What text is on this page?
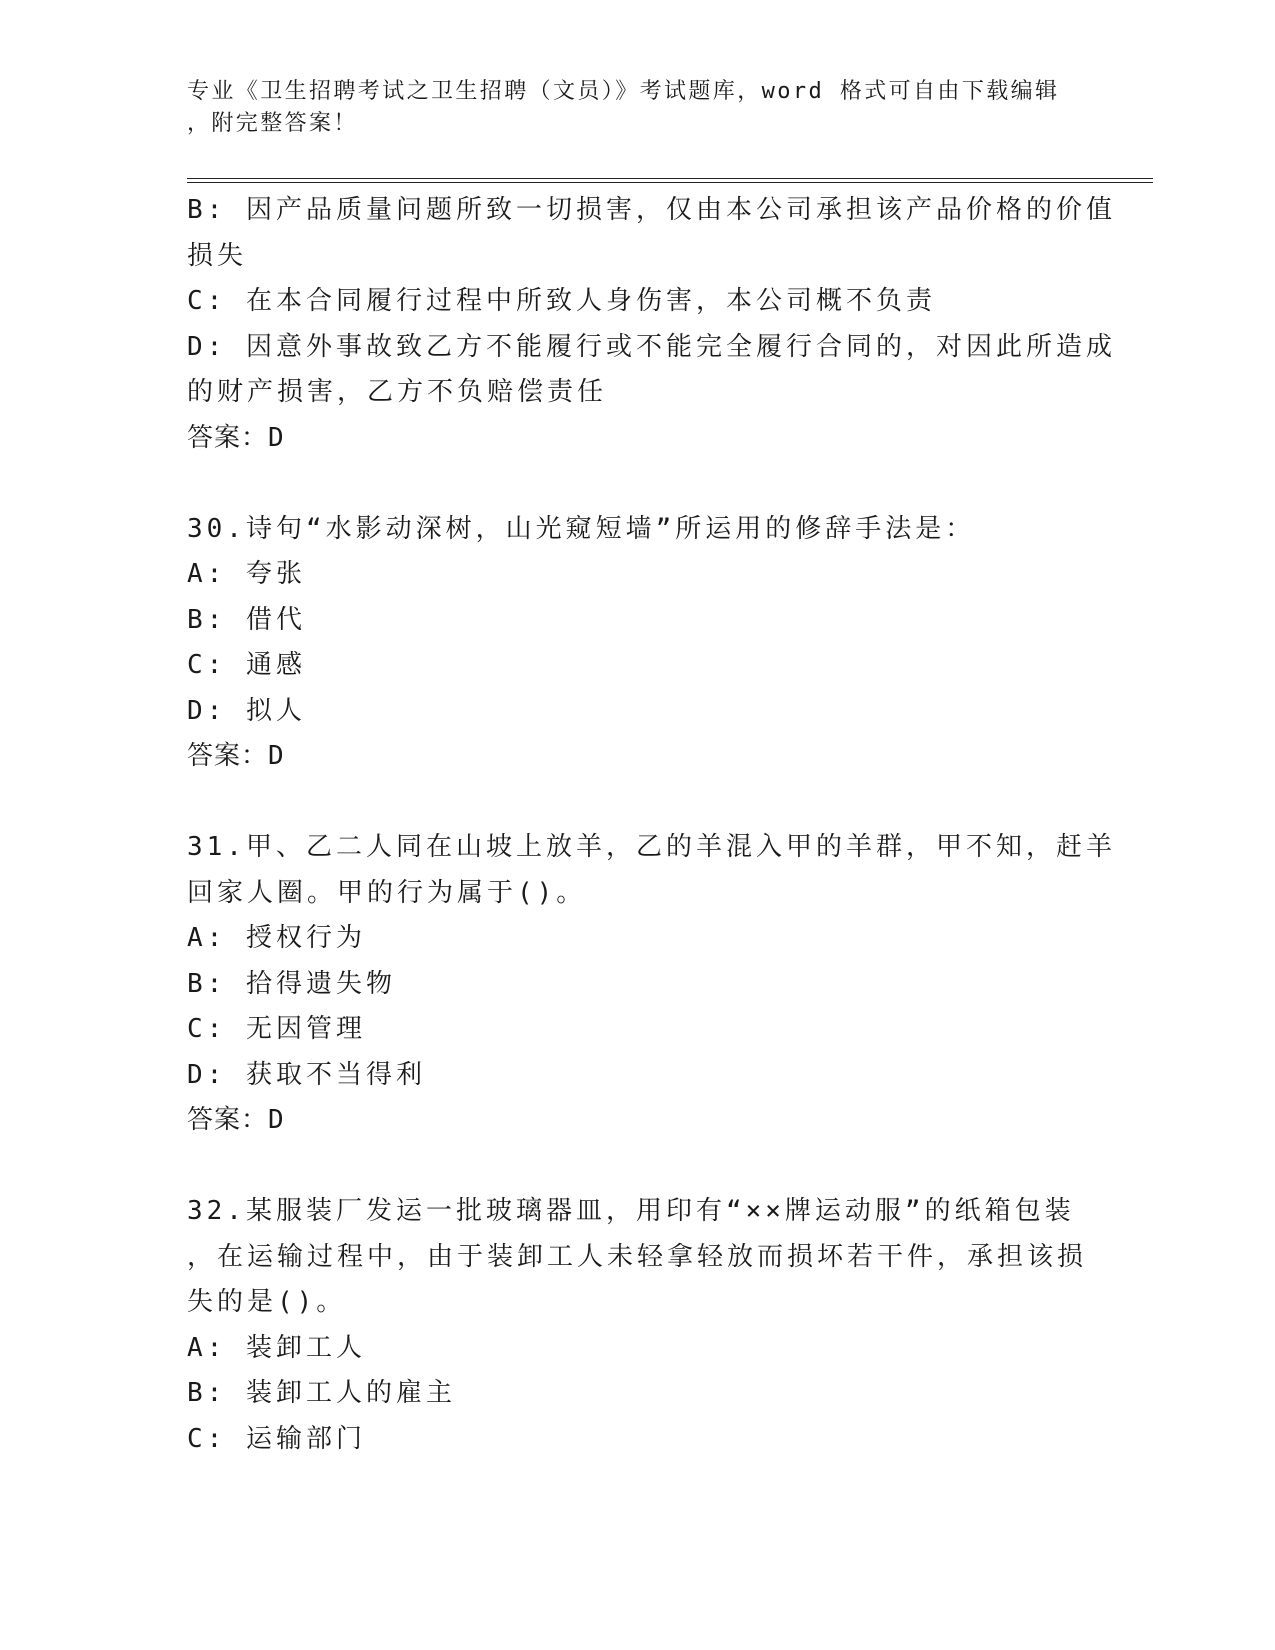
专业《卫生招聘考试之卫生招聘（文员）》考试题库，word 格式可自由下载编辑
，附完整答案！
B: 因产品质量问题所致一切损害，仅由本公司承担该产品价格的价值
损失
C: 在本合同履行过程中所致人身伤害，本公司概不负责
D: 因意外事故致乙方不能履行或不能完全履行合同的，对因此所造成
的财产损害，乙方不负赔偿责任
答案：D
30.诗句“水影动深树，山光窥短墙”所运用的修辞手法是：
A: 夸张
B: 借代
C: 通感
D: 拟人
答案：D
31.甲、乙二人同在山坡上放羊，乙的羊混入甲的羊群，甲不知，赶羊
回家人圈。甲的行为属于()。
A: 授权行为
B: 拾得遗失物
C: 无因管理
D: 获取不当得利
答案：D
32.某服装厂发运一批玻璃器皿，用印有“××牌运动服”的纸箱包装
，在运输过程中，由于装卸工人未轻拿轻放而损坏若干件，承担该损
失的是()。
A: 装卸工人
B: 装卸工人的雇主
C: 运输部门
